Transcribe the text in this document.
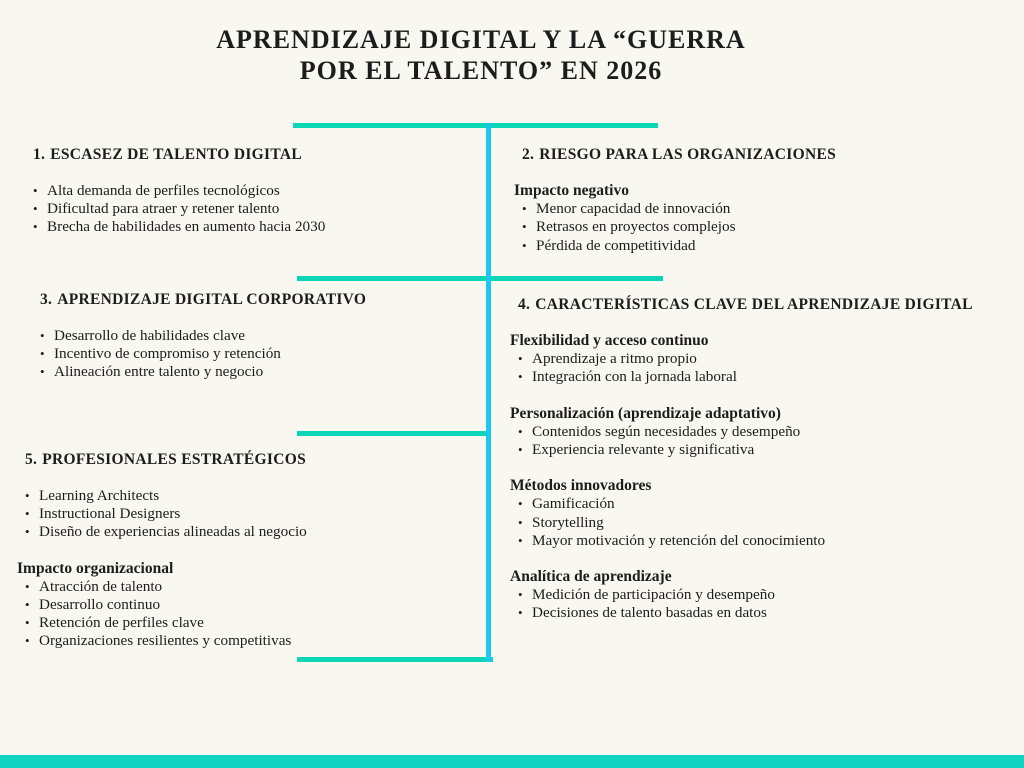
APRENDIZAJE DIGITAL Y LA “GUERRA
POR EL TALENTO” EN 2026
1. ESCASEZ DE TALENTO DIGITAL
• Alta demanda de perfiles tecnológicos
• Dificultad para atraer y retener talento
• Brecha de habilidades en aumento hacia 2030
2. RIESGO PARA LAS ORGANIZACIONES
Impacto negativo
• Menor capacidad de innovación
• Retrasos en proyectos complejos
• Pérdida de competitividad
3. APRENDIZAJE DIGITAL CORPORATIVO
• Desarrollo de habilidades clave
• Incentivo de compromiso y retención
• Alineación entre talento y negocio
4. CARACTERÍSTICAS CLAVE DEL APRENDIZAJE DIGITAL
Flexibilidad y acceso continuo
• Aprendizaje a ritmo propio
• Integración con la jornada laboral
Personalización (aprendizaje adaptativo)
• Contenidos según necesidades y desempeño
• Experiencia relevante y significativa
Métodos innovadores
• Gamificación
• Storytelling
• Mayor motivación y retención del conocimiento
Analítica de aprendizaje
• Medición de participación y desempeño
• Decisiones de talento basadas en datos
5. PROFESIONALES ESTRATÉGICOS
• Learning Architects
• Instructional Designers
• Diseño de experiencias alineadas al negocio
Impacto organizacional
• Atracción de talento
• Desarrollo continuo
• Retención de perfiles clave
• Organizaciones resilientes y competitivas
